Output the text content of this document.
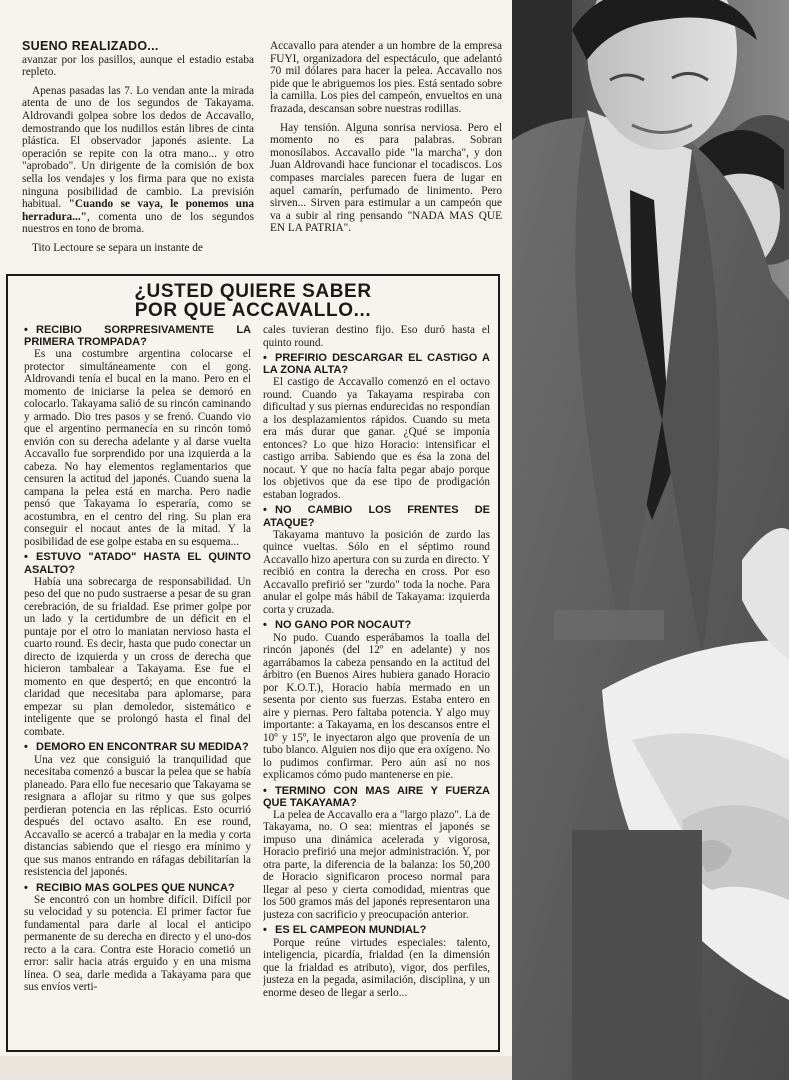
SUEÑO REALIZADO...

avanzar por los pasillos, aunque el estadio estaba repleto.

Apenas pasadas las 7. Lo vendan ante la mirada atenta de uno de los segundos de Takayama. Aldrovandi golpea sobre los dedos de Accavallo, demostrando que los nudillos están libres de cinta plástica. El observador japonés asiente. La operación se repite con la otra mano... y otro "aprobado". Un dirigente de la comisión de box sella los vendajes y los firma para que no exista ninguna posibilidad de cambio. La previsión habitual. "Cuando se vaya, le ponemos una herradura...", comenta uno de los segundos nuestros en tono de broma.

Tito Lectoure se separa un instante de

Accavallo para atender a un hombre de la empresa FUYI, organizadora del espectáculo, que adelantó 70 mil dólares para hacer la pelea. Accavallo nos pide que le abriguemos los pies. Está sentado sobre la camilla. Los pies del campeón, envueltos en una frazada, descansan sobre nuestras rodillas.

Hay tensión. Alguna sonrisa nerviosa. Pero el momento no es para palabras. Sobran monosílabos. Accavallo pide "la marcha", y don Juan Aldrovandi hace funcionar el tocadiscos. Los compases marciales parecen fuera de lugar en aquel camarín, perfumado de linimento. Pero sirven... Sirven para estimular a un campeón que va a subir al ring pensando "NADA MAS QUE EN LA PATRIA".

¿USTED QUIERE SABER
POR QUE ACCAVALLO...

• RECIBIO SORPRESIVAMENTE LA PRIMERA TROMPADA?

Es una costumbre argentina colocarse el protector simultáneamente con el gong. Aldrovandi tenía el bucal en la mano. Pero en el momento de iniciarse la pelea se demoró en colocarlo. Takayama salió de su rincón caminando y armado. Dio tres pasos y se frenó. Cuando vio que el argentino permanecía en su rincón tomó envión con su derecha adelante y al darse vuelta Accavallo fue sorprendido por una izquierda a la cabeza. No hay elementos reglamentarios que censuren la actitud del japonés. Cuando suena la campana la pelea está en marcha. Pero nadie pensó que Takayama lo esperaría, como se acostumbra, en el centro del ring. Su plan era conseguir el nocaut antes de la mitad. Y la posibilidad de ese golpe estaba en su esquema...

• ESTUVO "ATADO" HASTA EL QUINTO ASALTO?

Había una sobrecarga de responsabilidad. Un peso del que no pudo sustraerse a pesar de su gran cerebración, de su frialdad. Ese primer golpe por un lado y la certidumbre de un déficit en el puntaje por el otro lo maniatan nervioso hasta el cuarto round. Es decir, hasta que pudo conectar un directo de izquierda y un cross de derecha que hicieron tambalear a Takayama. Ese fue el momento en que despertó; en que encontró la claridad que necesitaba para aplomarse, para empezar su plan demoledor, sistemático e inteligente que se prolongó hasta el final del combate.

• DEMORO EN ENCONTRAR SU MEDIDA?

Una vez que consiguió la tranquilidad que necesitaba comenzó a buscar la pelea que se había planeado. Para ello fue necesario que Takayama se resignara a aflojar su ritmo y que sus golpes perdieran potencia en las réplicas. Esto ocurrió después del octavo asalto. En ese round, Accavallo se acercó a trabajar en la media y corta distancias sabiendo que el riesgo era mínimo y que sus manos entrando en ráfagas debilitarían la resistencia del japonés.

• RECIBIO MAS GOLPES QUE NUNCA?

Se encontró con un hombre difícil. Difícil por su velocidad y su potencia. El primer factor fue fundamental para darle al local el anticipo permanente de su derecha en directo y el uno-dos recto a la cara. Contra este Horacio cometió un error: salir hacia atrás erguido y en una misma línea. O sea, darle medida a Takayama para que sus envíos verti-

cales tuvieran destino fijo. Eso duró hasta el quinto round.

• PREFIRIO DESCARGAR EL CASTIGO A LA ZONA ALTA?

El castigo de Accavallo comenzó en el octavo round. Cuando ya Takayama respiraba con dificultad y sus piernas endurecidas no respondían a los desplazamientos rápidos. Cuando su meta era más durar que ganar. ¿Qué se imponía entonces? Lo que hizo Horacio: intensificar el castigo arriba. Sabiendo que es ésa la zona del nocaut. Y que no hacía falta pegar abajo porque los objetivos que da ese tipo de prodigación estaban logrados.

• NO CAMBIO LOS FRENTES DE ATAQUE?

Takayama mantuvo la posición de zurdo las quince vueltas. Sólo en el séptimo round Accavallo hizo apertura con su zurda en directo. Y recibió en contra la derecha en cross. Por eso Accavallo prefirió ser "zurdo" toda la noche. Para anular el golpe más hábil de Takayama: izquierda corta y cruzada.

• NO GANO POR NOCAUT?

No pudo. Cuando esperábamos la toalla del rincón japonés (del 12º en adelante) y nos agarrábamos la cabeza pensando en la actitud del árbitro (en Buenos Aires hubiera ganado Horacio por K.O.T.), Horacio había mermado en un sesenta por ciento sus fuerzas. Estaba entero en aire y piernas. Pero faltaba potencia. Y algo muy importante: a Takayama, en los descansos entre el 10º y 15º, le inyectaron algo que provenía de un tubo blanco. Alguien nos dijo que era oxígeno. No lo pudimos confirmar. Pero aún así no nos explicamos cómo pudo mantenerse en pie.

• TERMINO CON MAS AIRE Y FUERZA QUE TAKAYAMA?

La pelea de Accavallo era a "largo plazo". La de Takayama, no. O sea: mientras el japonés se impuso una dinámica acelerada y vigorosa, Horacio prefirió una mejor administración. Y, por otra parte, la diferencia de la balanza: los 50,200 de Horacio significaron proceso normal para llegar al peso y cierta comodidad, mientras que los 500 gramos más del japonés representaron una justeza con sacrificio y preocupación anterior.

• ES EL CAMPEON MUNDIAL?

Porque reúne virtudes especiales: talento, inteligencia, picardía, frialdad (en la dimensión que la frialdad es atributo), vigor, dos perfiles, justeza en la pegada, asimilación, disciplina, y un enorme deseo de llegar a serlo...
